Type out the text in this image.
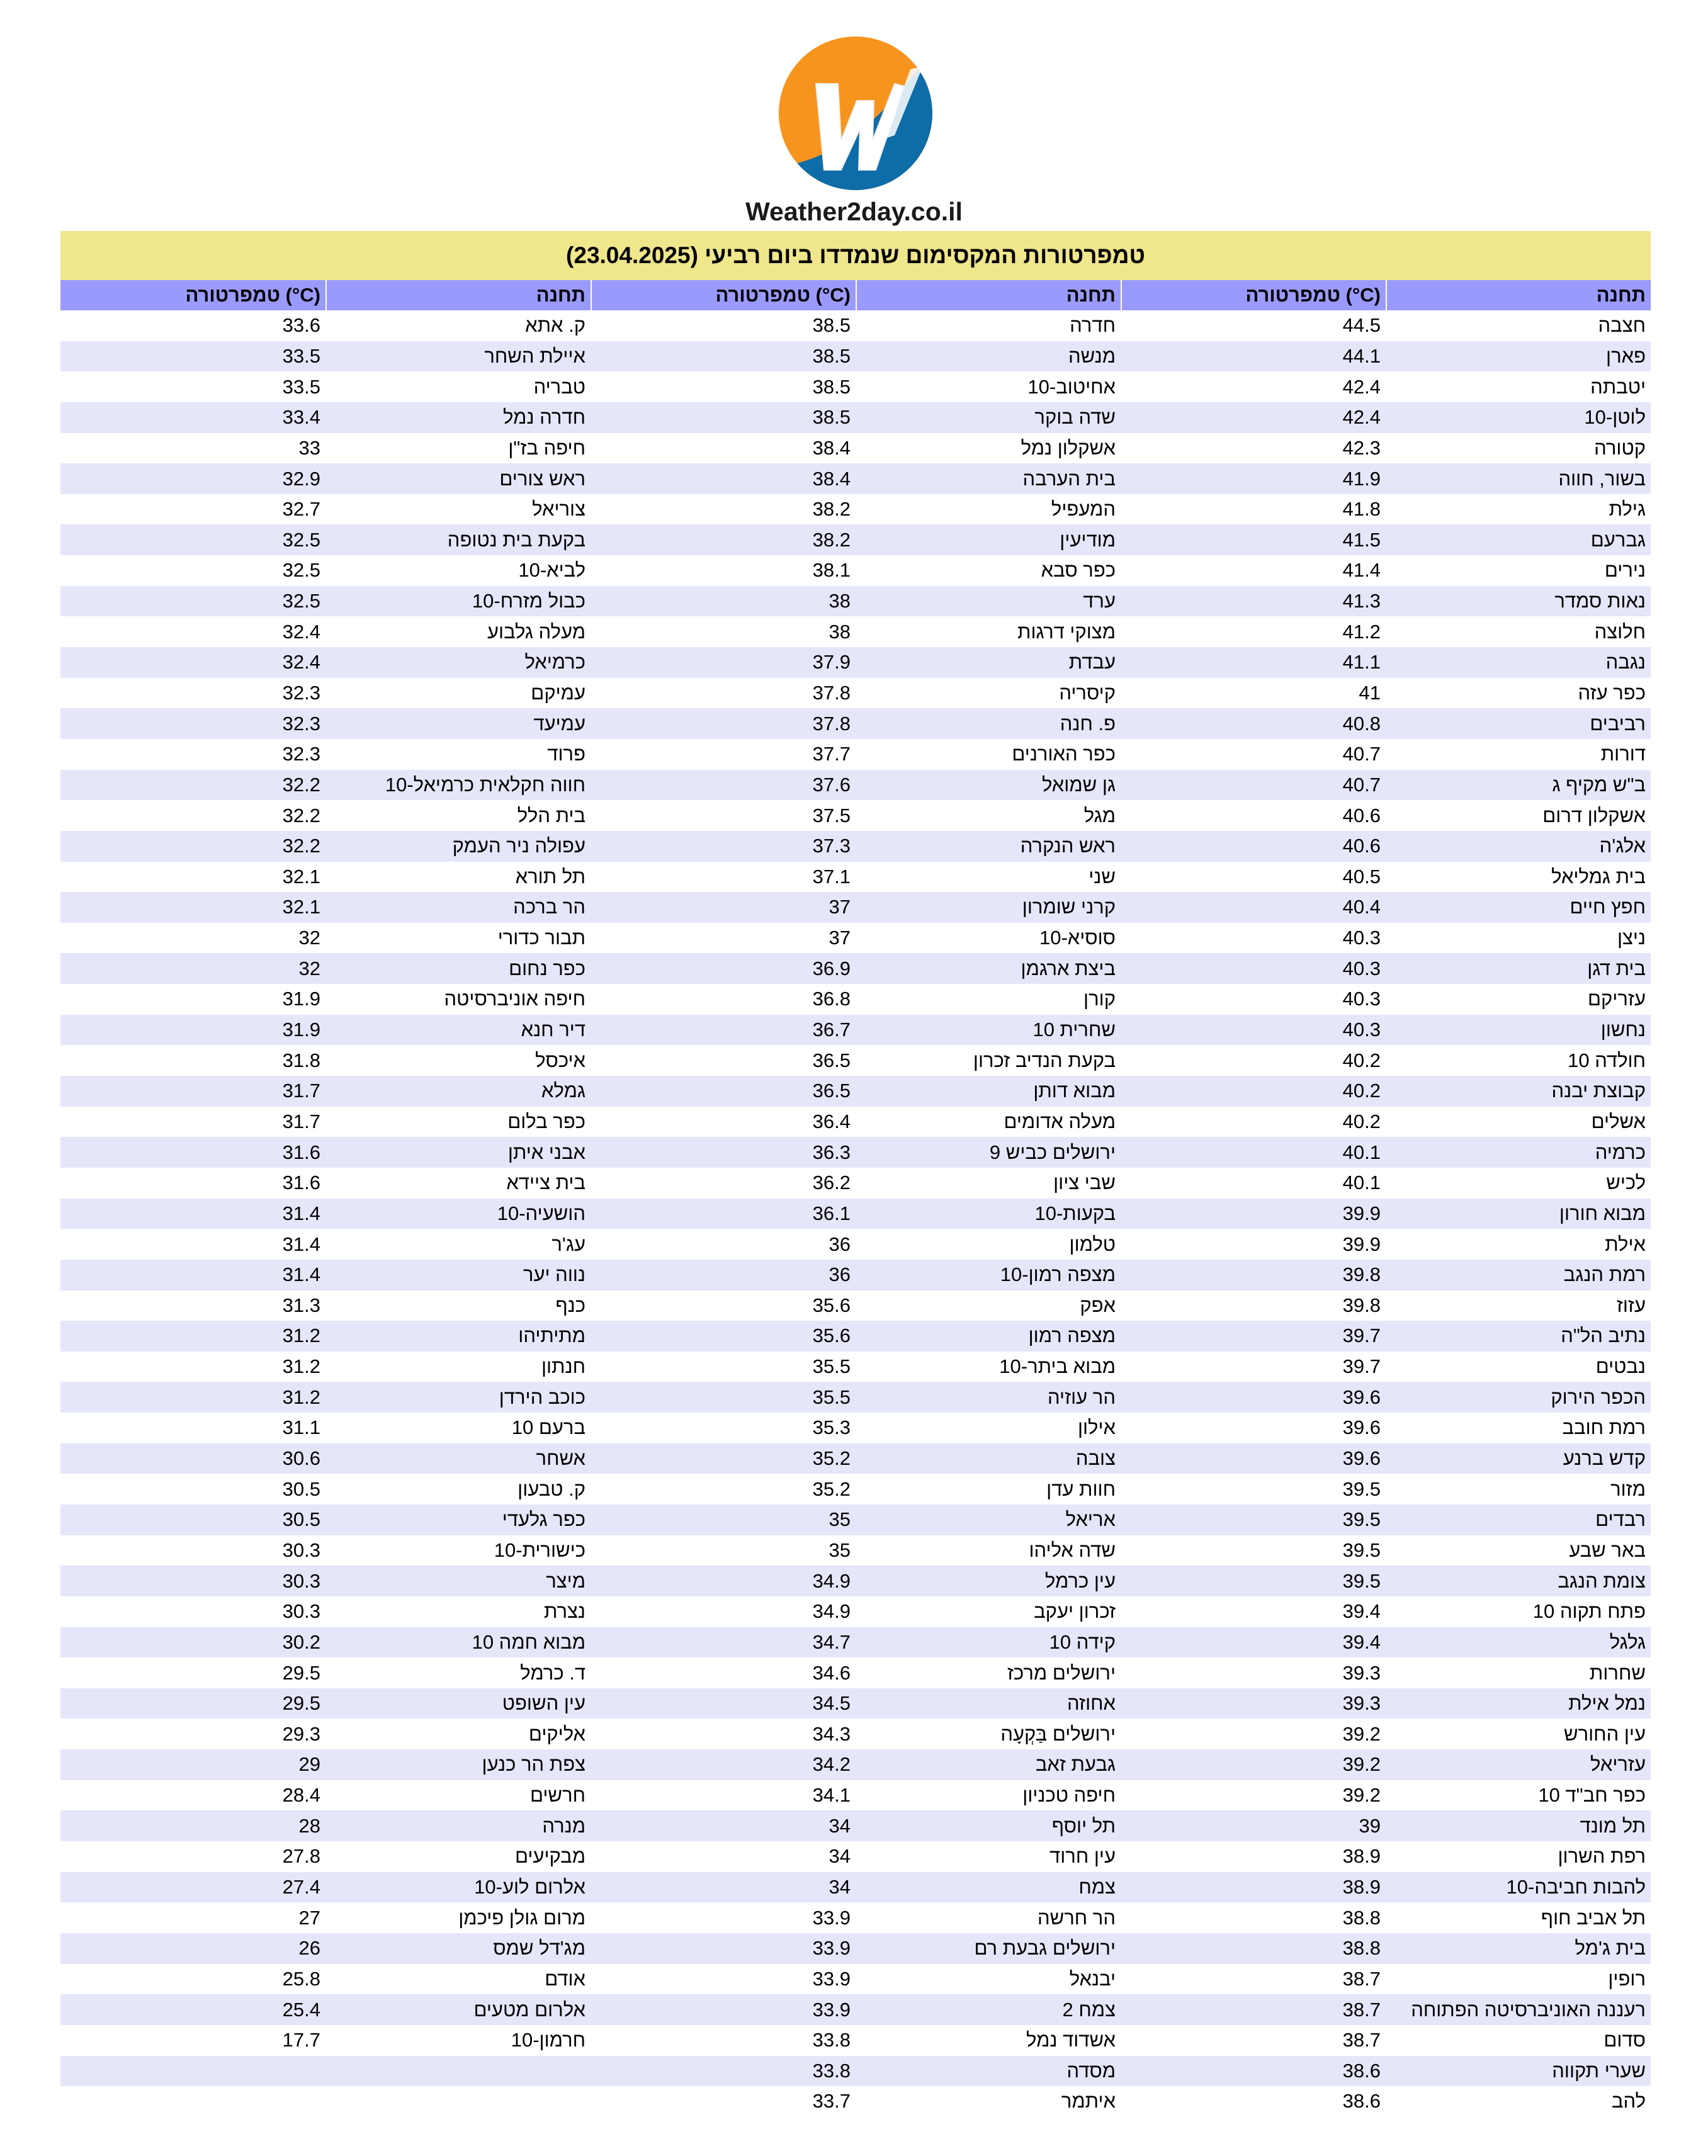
Weather2day.co.il
טמפרטורות המקסימום שנמדדו ביום רביעי (23.04.2025)
תחנה
טמפרטורה (°C)
תחנה
טמפרטורה (°C)
תחנה
טמפרטורה (°C)
חצבה
44.5
חדרה
38.5
ק. אתא
33.6
פארן
44.1
מנשה
38.5
איילת השחר
33.5
יטבתה
42.4
אחיטוב-10
38.5
טבריה
33.5
לוטן-10
42.4
שדה בוקר
38.5
חדרה נמל
33.4
קטורה
42.3
אשקלון נמל
38.4
חיפה בז"ן
33
בשור, חווה
41.9
בית הערבה
38.4
ראש צורים
32.9
גילת
41.8
המעפיל
38.2
צוריאל
32.7
גברעם
41.5
מודיעין
38.2
בקעת בית נטופה
32.5
נירים
41.4
כפר סבא
38.1
לביא-10
32.5
נאות סמדר
41.3
ערד
38
כבול מזרח-10
32.5
חלוצה
41.2
מצוקי דרגות
38
מעלה גלבוע
32.4
נגבה
41.1
עבדת
37.9
כרמיאל
32.4
כפר עזה
41
קיסריה
37.8
עמיקם
32.3
רביבים
40.8
פ. חנה
37.8
עמיעד
32.3
דורות
40.7
כפר האורנים
37.7
פרוד
32.3
ב"ש מקיף ג
40.7
גן שמואל
37.6
חווה חקלאית כרמיאל-10
32.2
אשקלון דרום
40.6
מגל
37.5
בית הלל
32.2
אלג'ה
40.6
ראש הנקרה
37.3
עפולה ניר העמק
32.2
בית גמליאל
40.5
שני
37.1
תל תורא
32.1
חפץ חיים
40.4
קרני שומרון
37
הר ברכה
32.1
ניצן
40.3
סוסיא-10
37
תבור כדורי
32
בית דגן
40.3
ביצת ארגמן
36.9
כפר נחום
32
עזריקם
40.3
קורן
36.8
חיפה אוניברסיטה
31.9
נחשון
40.3
שחרית 10
36.7
דיר חנא
31.9
חולדה 10
40.2
בקעת הנדיב זכרון
36.5
איכסל
31.8
קבוצת יבנה
40.2
מבוא דותן
36.5
גמלא
31.7
אשלים
40.2
מעלה אדומים
36.4
כפר בלום
31.7
כרמיה
40.1
ירושלים כביש 9
36.3
אבני איתן
31.6
לכיש
40.1
שבי ציון
36.2
בית ציידא
31.6
מבוא חורון
39.9
בקעות-10
36.1
הושעיה-10
31.4
אילת
39.9
טלמון
36
עג'ר
31.4
רמת הנגב
39.8
מצפה רמון-10
36
נווה יער
31.4
עזוז
39.8
אפק
35.6
כנף
31.3
נתיב הל"ה
39.7
מצפה רמון
35.6
מתיתיהו
31.2
נבטים
39.7
מבוא ביתר-10
35.5
חנתון
31.2
הכפר הירוק
39.6
הר עוזיה
35.5
כוכב הירדן
31.2
רמת חובב
39.6
אילון
35.3
ברעם 10
31.1
קדש ברנע
39.6
צובה
35.2
אשחר
30.6
מזור
39.5
חוות עדן
35.2
ק. טבעון
30.5
רבדים
39.5
אריאל
35
כפר גלעדי
30.5
באר שבע
39.5
שדה אליהו
35
כישורית-10
30.3
צומת הנגב
39.5
עין כרמל
34.9
מיצר
30.3
פתח תקוה 10
39.4
זכרון יעקב
34.9
נצרת
30.3
גלגל
39.4
קידה 10
34.7
מבוא חמה 10
30.2
שחרות
39.3
ירושלים מרכז
34.6
ד. כרמל
29.5
נמל אילת
39.3
אחוזה
34.5
עין השופט
29.5
עין החורש
39.2
ירושלים בַּקְעָה
34.3
אליקים
29.3
עזריאל
39.2
גבעת זאב
34.2
צפת הר כנען
29
כפר חב"ד 10
39.2
חיפה טכניון
34.1
חרשים
28.4
תל מונד
39
תל יוסף
34
מנרה
28
רפת השרון
38.9
עין חרוד
34
מבקיעים
27.8
להבות חביבה-10
38.9
צמח
34
אלרום לוע-10
27.4
תל אביב חוף
38.8
הר חרשה
33.9
מרום גולן פיכמן
27
בית ג'מל
38.8
ירושלים גבעת רם
33.9
מג'דל שמס
26
רופין
38.7
יבנאל
33.9
אודם
25.8
רעננה האוניברסיטה הפתוחה
38.7
צמח 2
33.9
אלרום מטעים
25.4
סדום
38.7
אשדוד נמל
33.8
חרמון-10
17.7
שערי תקווה
38.6
מסדה
33.8
להב
38.6
איתמר
33.7
